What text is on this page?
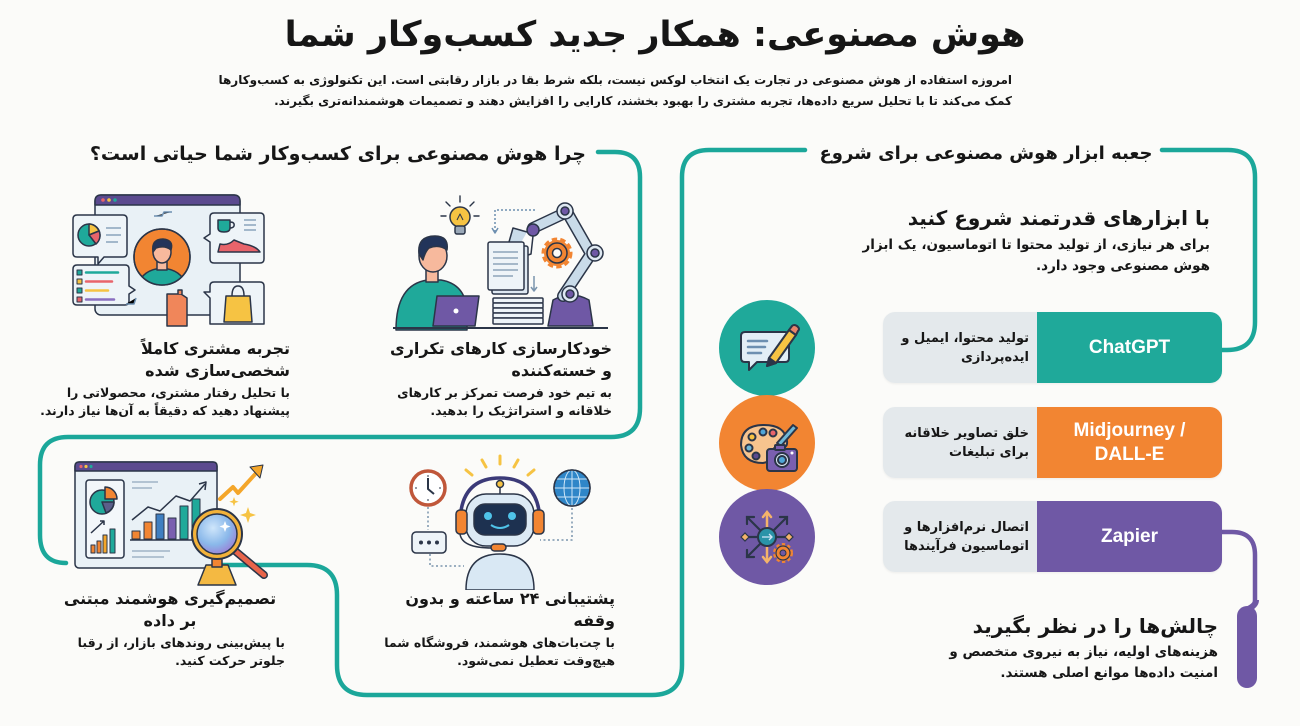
هوش مصنوعی: همکار جدید کسب‌وکار شما
امروزه استفاده از هوش مصنوعی در تجارت یک انتخاب لوکس نیست، بلکه شرط بقا در بازار رقابتی است. این تکنولوژی به کسب‌وکارها
کمک می‌کند تا با تحلیل سریع داده‌ها، تجربه مشتری را بهبود بخشند، کارایی را افزایش دهند و تصمیمات هوشمندانه‌تری بگیرند.
چرا هوش مصنوعی برای کسب‌وکار شما حیاتی است؟
خودکارسازی کارهای تکراری و خسته‌کننده
به تیم خود فرصت تمرکز بر کارهای خلاقانه و استراتژیک را بدهید.
تجربه مشتری کاملاً شخصی‌سازی شده
با تحلیل رفتار مشتری، محصولاتی را پیشنهاد دهید که دقیقاً به آن‌ها نیاز دارند.
پشتیبانی ۲۴ ساعته و بدون وقفه
با چت‌بات‌های هوشمند، فروشگاه شما هیچ‌وقت تعطیل نمی‌شود.
تصمیم‌گیری هوشمند مبتنی بر داده
با پیش‌بینی روندهای بازار، از رقبا جلوتر حرکت کنید.
جعبه ابزار هوش مصنوعی برای شروع
با ابزارهای قدرتمند شروع کنید
برای هر نیازی، از تولید محتوا تا اتوماسیون، یک ابزار هوش مصنوعی وجود دارد.
تولید محتوا، ایمیل و ایده‌پردازی	ChatGPT
خلق تصاویر خلاقانه برای تبلیغات
Midjourney / DALL-E
اتصال نرم‌افزارها و اتوماسیون فرآیندها	Zapier
چالش‌ها را در نظر بگیرید
هزینه‌های اولیه، نیاز به نیروی متخصص و امنیت داده‌ها موانع اصلی هستند.
